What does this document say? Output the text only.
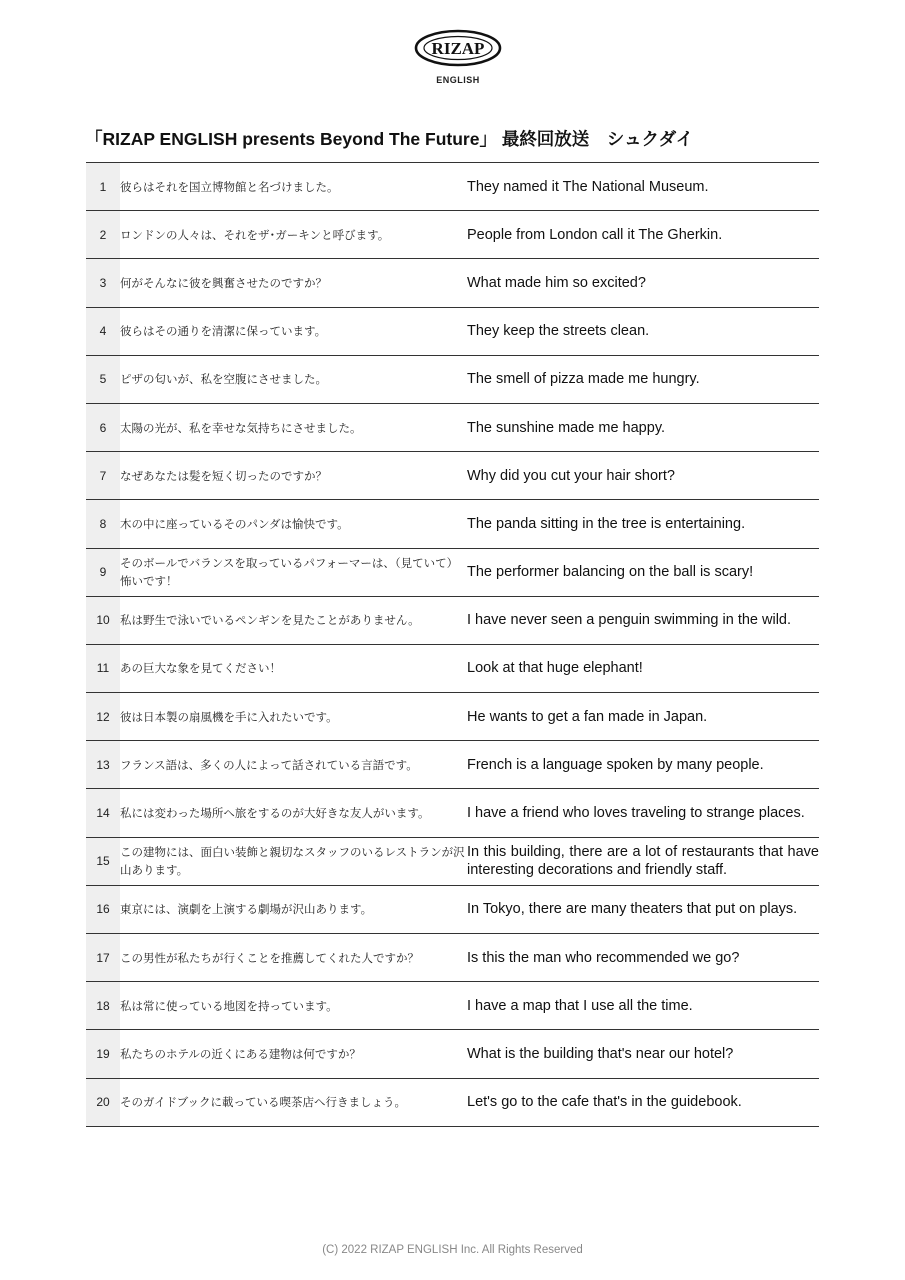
RIZAP
ENGLISH
「RIZAP ENGLISH presents Beyond The Future」 最終回放送　シュクダイ
1	彼らはそれを国立博物館と名づけました。	They named it The National Museum.
2	ロンドンの人々は、それをザ･ガーキンと呼びます。	People from London call it The Gherkin.
3	何がそんなに彼を興奮させたのですか？	What made him so excited?
4	彼らはその通りを清潔に保っています。	They keep the streets clean.
5	ピザの匂いが、私を空腹にさせました。	The smell of pizza made me hungry.
6	太陽の光が、私を幸せな気持ちにさせました。	The sunshine made me happy.
7	なぜあなたは髪を短く切ったのですか？	Why did you cut your hair short?
8	木の中に座っているそのパンダは愉快です。	The panda sitting in the tree is entertaining.
9	そのボールでバランスを取っているパフォーマーは、（見ていて）怖いです！	The performer balancing on the ball is scary!
10	私は野生で泳いでいるペンギンを見たことがありません。	I have never seen a penguin swimming in the wild.
11	あの巨大な象を見てください！	Look at that huge elephant!
12	彼は日本製の扇風機を手に入れたいです。	He wants to get a fan made in Japan.
13	フランス語は、多くの人によって話されている言語です。	French is a language spoken by many people.
14	私には変わった場所へ旅をするのが大好きな友人がいます。	I have a friend who loves traveling to strange places.
15	この建物には、面白い装飾と親切なスタッフのいるレストランが沢山あります。	In this building, there are a lot of restaurants that have interesting decorations and friendly staff.
16	東京には、演劇を上演する劇場が沢山あります。	In Tokyo, there are many theaters that put on plays.
17	この男性が私たちが行くことを推薦してくれた人ですか？	Is this the man who recommended we go?
18	私は常に使っている地図を持っています。	I have a map that I use all the time.
19	私たちのホテルの近くにある建物は何ですか？	What is the building that's near our hotel?
20	そのガイドブックに載っている喫茶店へ行きましょう。	Let's go to the cafe that's in the guidebook.
(C) 2022 RIZAP ENGLISH Inc. All Rights Reserved
